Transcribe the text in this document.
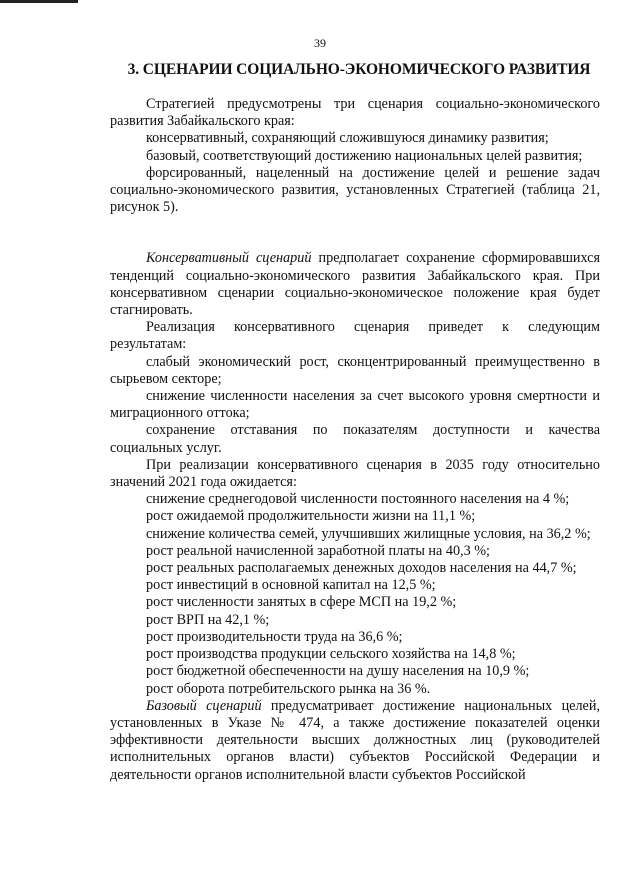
39
3. СЦЕНАРИИ СОЦИАЛЬНО-ЭКОНОМИЧЕСКОГО РАЗВИТИЯ

Стратегией предусмотрены три сценария социально-экономического развития Забайкальского края:

консервативный, сохраняющий сложившуюся динамику развития;

базовый, соответствующий достижению национальных целей развития;

форсированный, нацеленный на достижение целей и решение задач социально-экономического развития, установленных Стратегией (таблица 21, рисунок 5).

Консервативный сценарий предполагает сохранение сформировавшихся тенденций социально-экономического развития Забайкальского края. При консервативном сценарии социально-экономическое положение края будет стагнировать.

Реализация консервативного сценария приведет к следующим результатам:

слабый экономический рост, сконцентрированный преимущественно в сырьевом секторе;

снижение численности населения за счет высокого уровня смертности и миграционного оттока;

сохранение отставания по показателям доступности и качества социальных услуг.

При реализации консервативного сценария в 2035 году относительно значений 2021 года ожидается:

снижение среднегодовой численности постоянного населения на 4 %;

рост ожидаемой продолжительности жизни на 11,1 %;

снижение количества семей, улучшивших жилищные условия, на 36,2 %;

рост реальной начисленной заработной платы на 40,3 %;

рост реальных располагаемых денежных доходов населения на 44,7 %;

рост инвестиций в основной капитал на 12,5 %;

рост численности занятых в сфере МСП на 19,2 %;

рост ВРП на 42,1 %;

рост производительности труда на 36,6 %;

рост производства продукции сельского хозяйства на 14,8 %;

рост бюджетной обеспеченности на душу населения на 10,9 %;

рост оборота потребительского рынка на 36 %.

Базовый сценарий предусматривает достижение национальных целей, установленных в Указе № 474, а также достижение показателей оценки эффективности деятельности высших должностных лиц (руководителей исполнительных органов власти) субъектов Российской Федерации и деятельности органов исполнительной власти субъектов Российской
